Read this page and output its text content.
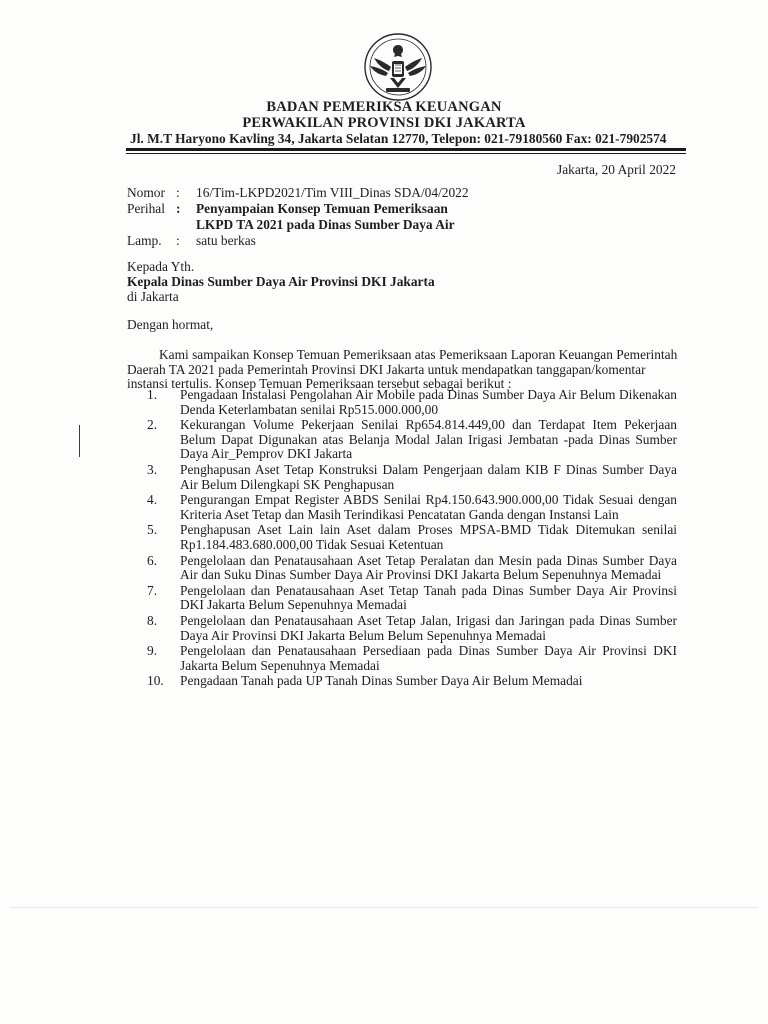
BADAN PEMERIKSA KEUANGAN
PERWAKILAN PROVINSI DKI JAKARTA
Jl. M.T Haryono Kavling 34, Jakarta Selatan 12770, Telepon: 021-79180560 Fax: 021-7902574
Jakarta, 20 April 2022
Nomor :	16/Tim-LKPD2021/Tim VIII_Dinas SDA/04/2022
Perihal :	Penyampaian Konsep Temuan Pemeriksaan
LKPD TA 2021 pada Dinas Sumber Daya Air
Lamp.	:	satu berkas
Kepada Yth.
Kepala Dinas Sumber Daya Air Provinsi DKI Jakarta
di Jakarta
Dengan hormat,
Kami sampaikan Konsep Temuan Pemeriksaan atas Pemeriksaan Laporan Keuangan Pemerintah
Daerah TA 2021 pada Pemerintah Provinsi DKI Jakarta untuk mendapatkan tanggapan/komentar
instansi tertulis. Konsep Temuan Pemeriksaan tersebut sebagai berikut :
1.	Pengadaan Instalasi Pengolahan Air Mobile pada Dinas Sumber Daya Air Belum Dikenakan Denda Keterlambatan senilai Rp515.000.000,00
2.	Kekurangan Volume Pekerjaan Senilai Rp654.814.449,00 dan Terdapat Item Pekerjaan Belum Dapat Digunakan atas Belanja Modal Jalan Irigasi Jembatan -pada Dinas Sumber Daya Air_Pemprov DKI Jakarta
3.	Penghapusan Aset Tetap Konstruksi Dalam Pengerjaan dalam KIB F Dinas Sumber Daya Air Belum Dilengkapi SK Penghapusan
4.	Pengurangan Empat Register ABDS Senilai Rp4.150.643.900.000,00 Tidak Sesuai dengan Kriteria Aset Tetap dan Masih Terindikasi Pencatatan Ganda dengan Instansi Lain
5.	Penghapusan Aset Lain lain Aset dalam Proses MPSA-BMD Tidak Ditemukan senilai Rp1.184.483.680.000,00 Tidak Sesuai Ketentuan
6.	Pengelolaan dan Penatausahaan Aset Tetap Peralatan dan Mesin pada Dinas Sumber Daya Air dan Suku Dinas Sumber Daya Air Provinsi DKI Jakarta Belum Sepenuhnya Memadai
7.	Pengelolaan dan Penatausahaan Aset Tetap Tanah pada Dinas Sumber Daya Air Provinsi DKI Jakarta Belum Sepenuhnya Memadai
8.	Pengelolaan dan Penatausahaan Aset Tetap Jalan, Irigasi dan Jaringan pada Dinas Sumber Daya Air Provinsi DKI Jakarta Belum Belum Sepenuhnya Memadai
9.	Pengelolaan dan Penatausahaan Persediaan pada Dinas Sumber Daya Air Provinsi DKI Jakarta Belum Sepenuhnya Memadai
10.	Pengadaan Tanah pada UP Tanah Dinas Sumber Daya Air Belum Memadai
